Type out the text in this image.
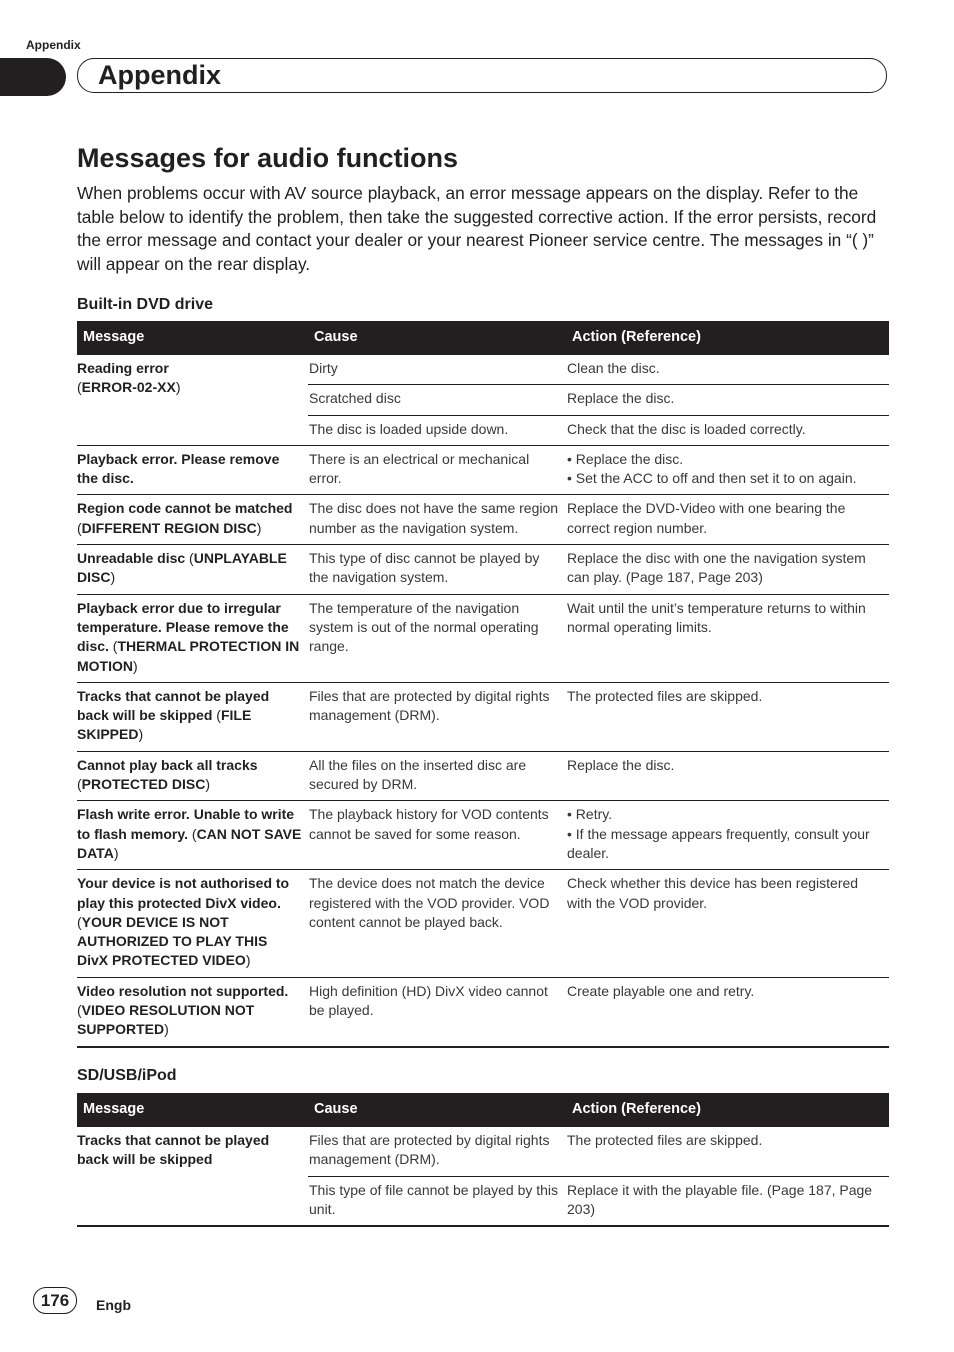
Appendix
Appendix
Messages for audio functions

When problems occur with AV source playback, an error message appears on the display. Refer to the table below to identify the problem, then take the suggested corrective action. If the error persists, record the error message and contact your dealer or your nearest Pioneer service centre. The messages in “( )” will appear on the rear display.

Built-in DVD drive
Message	Cause	Action (Reference)
Reading error
(ERROR-02-XX)	Dirty	Clean the disc.
	Scratched disc	Replace the disc.
	The disc is loaded upside down.	Check that the disc is loaded correctly.
Playback error. Please remove the disc.	There is an electrical or mechanical error.	• Replace the disc.
• Set the ACC to off and then set it to on again.

Region code cannot be matched (DIFFERENT REGION DISC)	The disc does not have the same region number as the navigation system.	Replace the DVD-Video with one bearing the correct region number.
Unreadable disc (UNPLAYABLE DISC)	This type of disc cannot be played by the navigation system.	Replace the disc with one the navigation system can play. (Page 187, Page 203)
Playback error due to irregular temperature. Please remove the disc. (THERMAL PROTECTION IN MOTION)	The temperature of the navigation system is out of the normal operating range.	Wait until the unit’s temperature returns to within normal operating limits.
Tracks that cannot be played back will be skipped (FILE SKIPPED)	Files that are protected by digital rights management (DRM).	The protected files are skipped.
Cannot play back all tracks (PROTECTED DISC)	All the files on the inserted disc are secured by DRM.	Replace the disc.
Flash write error. Unable to write to flash memory. (CAN NOT SAVE DATA)	The playback history for VOD contents cannot be saved for some reason.	• Retry.
• If the message appears frequently, consult your dealer.

Your device is not authorised to play this protected DivX video. (YOUR DEVICE IS NOT AUTHORIZED TO PLAY THIS DivX PROTECTED VIDEO)	The device does not match the device registered with the VOD provider. VOD content cannot be played back.	Check whether this device has been registered with the VOD provider.
Video resolution not supported. (VIDEO RESOLUTION NOT SUPPORTED)	High definition (HD) DivX video cannot be played.	Create playable one and retry.
SD/USB/iPod
Message	Cause	Action (Reference)
Tracks that cannot be played back will be skipped	Files that are protected by digital rights management (DRM).	The protected files are skipped.
	This type of file cannot be played by this unit.	Replace it with the playable file. (Page 187, Page 203)
176	Engb
